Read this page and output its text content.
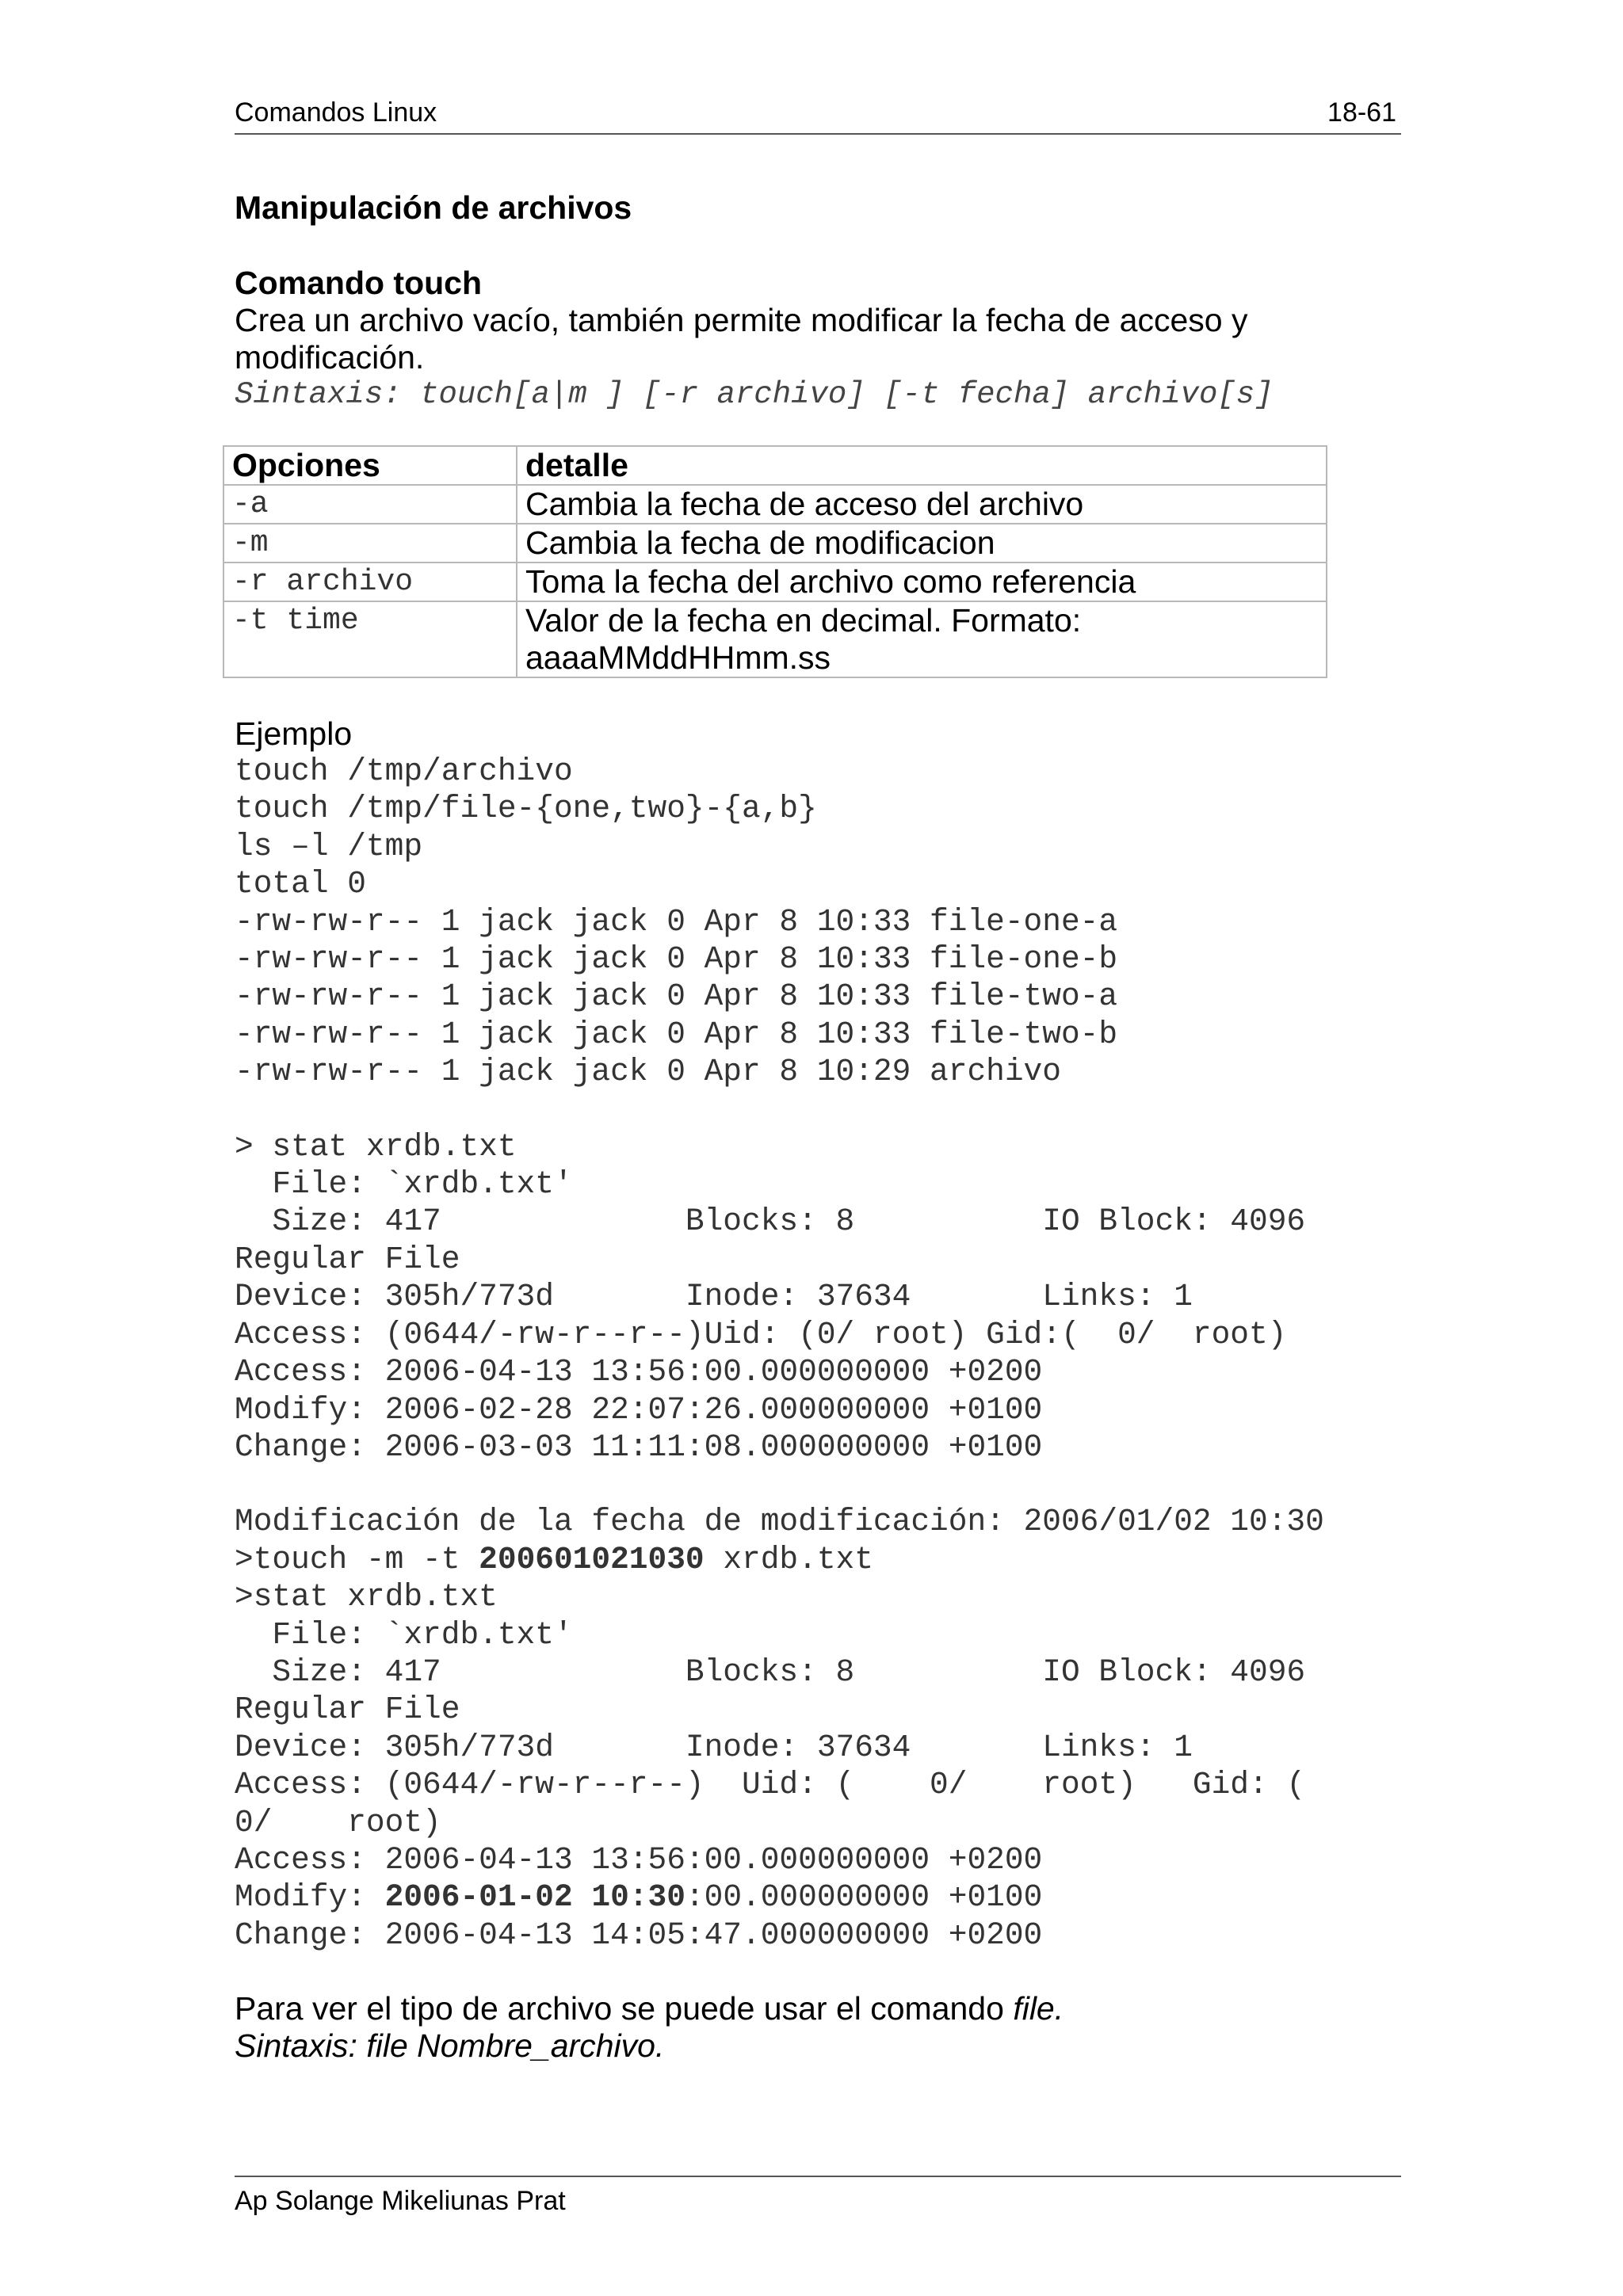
Comandos Linux	18-61
Manipulación de archivos
Comando touch
Crea un archivo vacío, también permite modificar la fecha de acceso y modificación.
Sintaxis: touch[a|m ] [-r archivo] [-t fecha] archivo[s]
Opciones	detalle
-a	Cambia la fecha de acceso del archivo
-m	Cambia la fecha de modificacion
-r archivo	Toma la fecha del archivo como referencia
-t time	Valor de la fecha en decimal. Formato: aaaaMMddHHmm.ss
Ejemplo
touch /tmp/archivo
touch /tmp/file-{one,two}-{a,b}
ls –l /tmp
total 0
-rw-rw-r-- 1 jack jack 0 Apr 8 10:33 file-one-a
-rw-rw-r-- 1 jack jack 0 Apr 8 10:33 file-one-b
-rw-rw-r-- 1 jack jack 0 Apr 8 10:33 file-two-a
-rw-rw-r-- 1 jack jack 0 Apr 8 10:33 file-two-b
-rw-rw-r-- 1 jack jack 0 Apr 8 10:29 archivo
> stat xrdb.txt
File: `xrdb.txt'
Size: 417             Blocks: 8          IO Block: 4096
Regular File
Device: 305h/773d       Inode: 37634       Links: 1
Access: (0644/-rw-r--r--)Uid: (0/ root) Gid:(  0/  root)
Access: 2006-04-13 13:56:00.000000000 +0200
Modify: 2006-02-28 22:07:26.000000000 +0100
Change: 2006-03-03 11:11:08.000000000 +0100
Modificación de la fecha de modificación: 2006/01/02 10:30
>touch -m -t 200601021030 xrdb.txt
>stat xrdb.txt
File: `xrdb.txt'
Size: 417             Blocks: 8          IO Block: 4096
Regular File
Device: 305h/773d       Inode: 37634       Links: 1
Access: (0644/-rw-r--r--)  Uid: (    0/    root)   Gid: (
0/    root)
Access: 2006-04-13 13:56:00.000000000 +0200
Modify: 2006-01-02 10:30:00.000000000 +0100
Change: 2006-04-13 14:05:47.000000000 +0200
Para ver el tipo de archivo se puede usar el comando file.
Sintaxis: file Nombre_archivo.
Ap Solange Mikeliunas Prat
